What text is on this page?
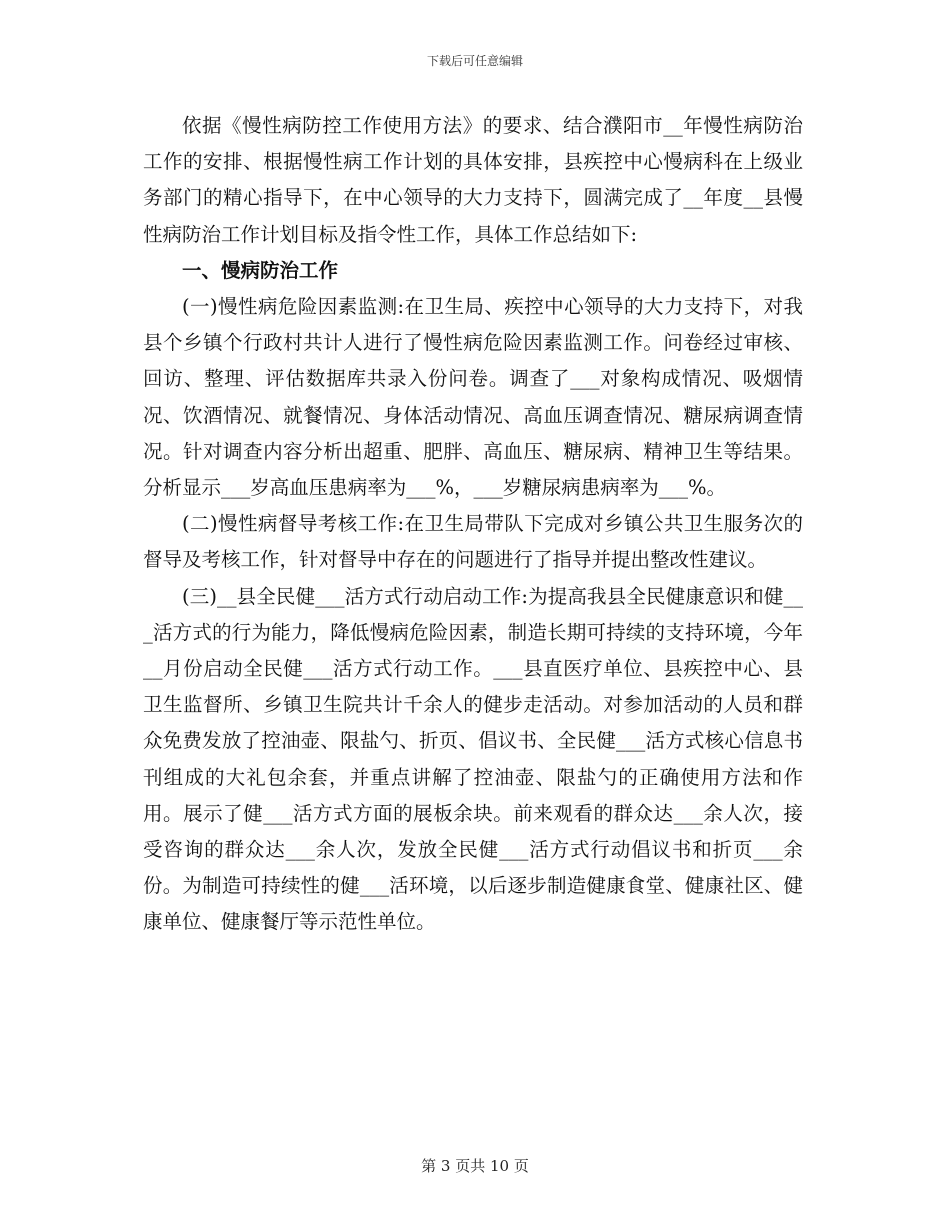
下载后可任意编辑

依据《慢性病防控工作使用方法》的要求、结合濮阳市__年慢性病防治工作的安排、根据慢性病工作计划的具体安排，县疾控中心慢病科在上级业务部门的精心指导下，在中心领导的大力支持下，圆满完成了__年度__县慢性病防治工作计划目标及指令性工作，具体工作总结如下:

一、慢病防治工作

(一)慢性病危险因素监测:在卫生局、疾控中心领导的大力支持下，对我县个乡镇个行政村共计人进行了慢性病危险因素监测工作。问卷经过审核、回访、整理、评估数据库共录入份问卷。调查了___对象构成情况、吸烟情况、饮酒情况、就餐情况、身体活动情况、高血压调查情况、糖尿病调查情况。针对调查内容分析出超重、肥胖、高血压、糖尿病、精神卫生等结果。分析显示___岁高血压患病率为___%，___岁糖尿病患病率为___%。

(二)慢性病督导考核工作:在卫生局带队下完成对乡镇公共卫生服务次的督导及考核工作，针对督导中存在的问题进行了指导并提出整改性建议。

(三)__县全民健___活方式行动启动工作:为提高我县全民健康意识和健___活方式的行为能力，降低慢病危险因素，制造长期可持续的支持环境，今年__月份启动全民健___活方式行动工作。___县直医疗单位、县疾控中心、县卫生监督所、乡镇卫生院共计千余人的健步走活动。对参加活动的人员和群众免费发放了控油壶、限盐勺、折页、倡议书、全民健___活方式核心信息书刊组成的大礼包余套，并重点讲解了控油壶、限盐勺的正确使用方法和作用。展示了健___活方式方面的展板余块。前来观看的群众达___余人次，接受咨询的群众达___余人次，发放全民健___活方式行动倡议书和折页___余份。为制造可持续性的健___活环境，以后逐步制造健康食堂、健康社区、健康单位、健康餐厅等示范性单位。

第 3 页共 10 页
